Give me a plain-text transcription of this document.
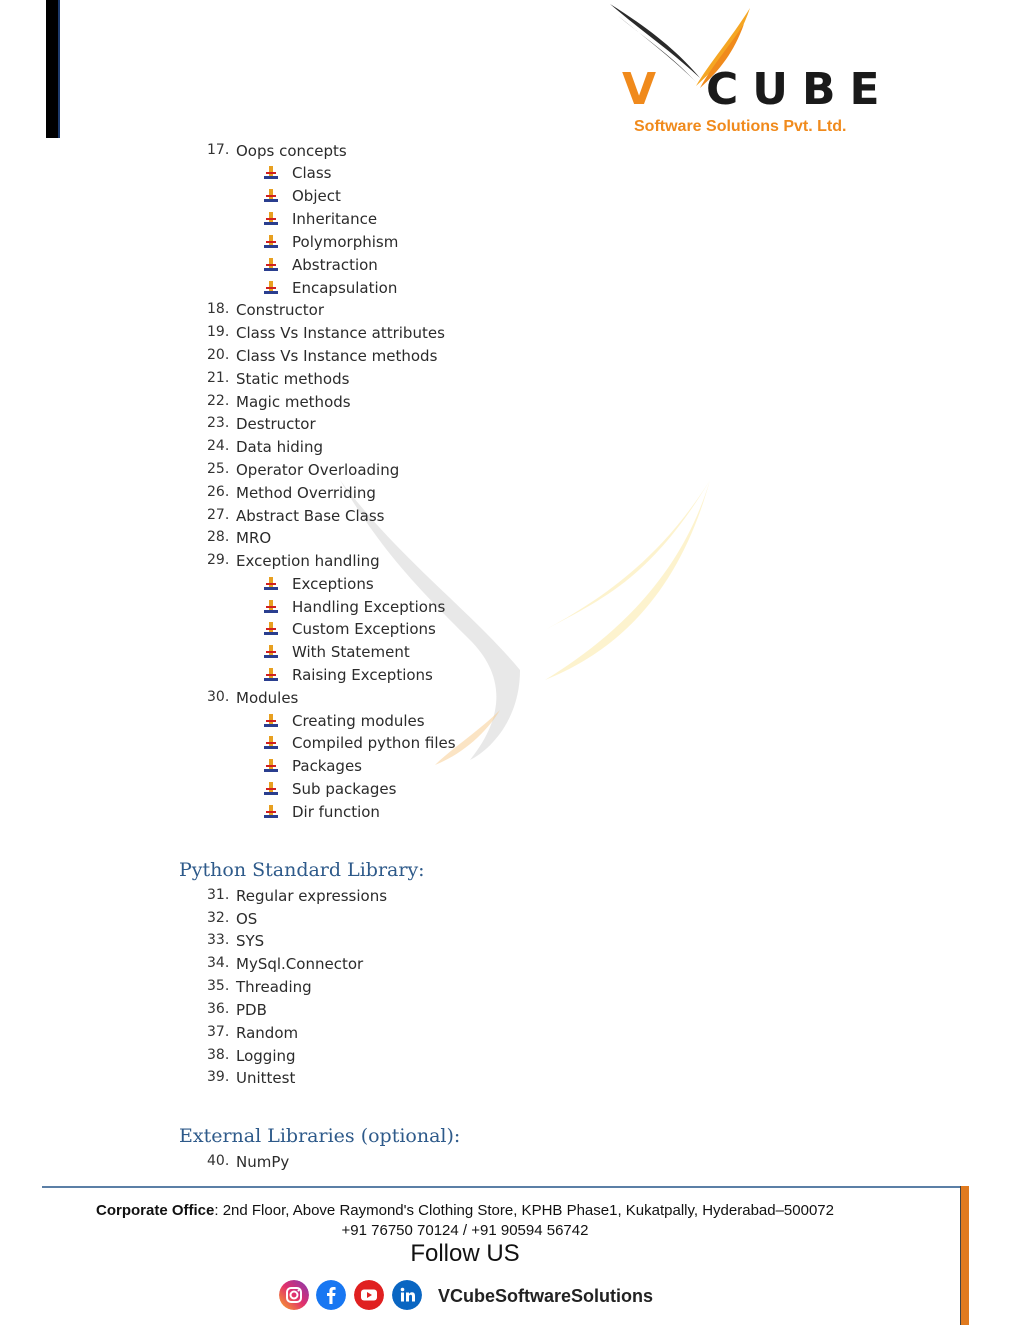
V CUBE
Software Solutions Pvt. Ltd.
17. Oops concepts
Class
Object
Inheritance
Polymorphism
Abstraction
Encapsulation
18. Constructor
19. Class Vs Instance attributes
20. Class Vs Instance methods
21. Static methods
22. Magic methods
23. Destructor
24. Data hiding
25. Operator Overloading
26. Method Overriding
27. Abstract Base Class
28. MRO
29. Exception handling
Exceptions
Handling Exceptions
Custom Exceptions
With Statement
Raising Exceptions
30. Modules
Creating modules
Compiled python files
Packages
Sub packages
Dir function
Python Standard Library:
31. Regular expressions
32. OS
33. SYS
34. MySql.Connector
35. Threading
36. PDB
37. Random
38. Logging
39. Unittest
External Libraries (optional):
40. NumPy
Corporate Office: 2nd Floor, Above Raymond's Clothing Store, KPHB Phase1, Kukatpally, Hyderabad–500072
+91 76750 70124 / +91 90594 56742
Follow US
VCubeSoftwareSolutions
